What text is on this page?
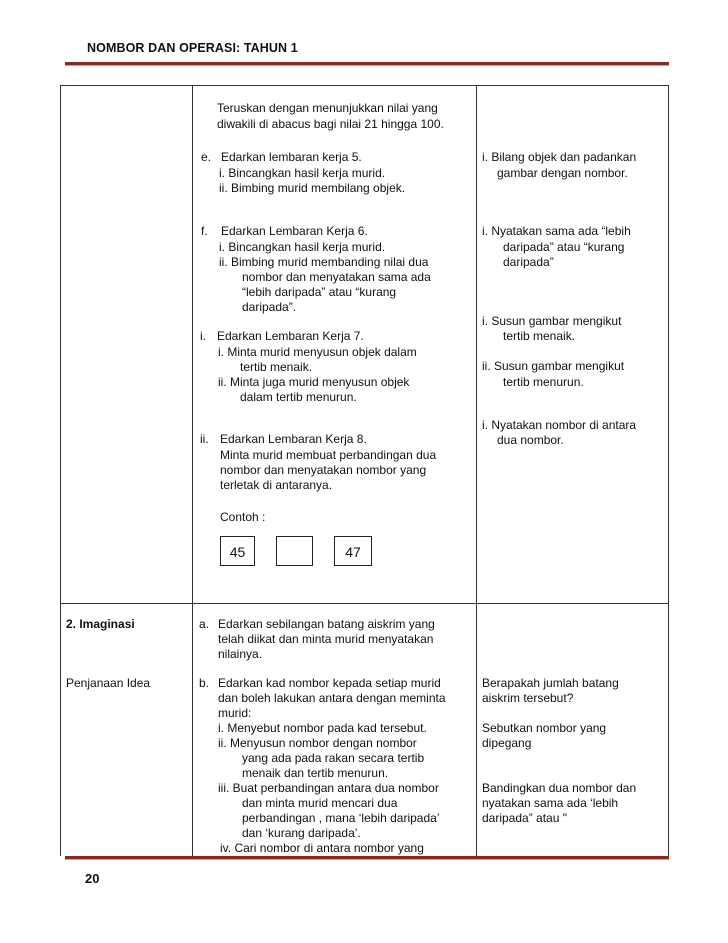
NOMBOR DAN OPERASI: TAHUN 1
Teruskan dengan menunjukkan nilai yang
diwakili di abacus bagi nilai 21 hingga 100.
e. Edarkan lembaran kerja 5.
i. Bincangkan hasil kerja murid.
ii. Bimbing murid membilang objek.
f. Edarkan Lembaran Kerja 6.
i. Bincangkan hasil kerja murid.
ii. Bimbing murid membanding nilai dua
nombor dan menyatakan sama ada
“lebih daripada” atau “kurang
daripada”.
i. Edarkan Lembaran Kerja 7.
i. Minta murid menyusun objek dalam
tertib menaik.
ii. Minta juga murid menyusun objek
dalam tertib menurun.
ii. Edarkan Lembaran Kerja 8.
Minta murid membuat perbandingan dua
nombor dan menyatakan nombor yang
terletak di antaranya.
Contoh :
45	47
i. Bilang objek dan padankan
gambar dengan nombor.
i. Nyatakan sama ada “lebih
daripada” atau “kurang
daripada”
i. Susun gambar mengikut
tertib menaik.
ii. Susun gambar mengikut
tertib menurun.
i. Nyatakan nombor di antara
dua nombor.
2. Imaginasi
Penjanaan Idea
a. Edarkan sebilangan batang aiskrim yang
telah diikat dan minta murid menyatakan
nilainya.
b. Edarkan kad nombor kepada setiap murid
dan boleh lakukan antara dengan meminta
murid:
i. Menyebut nombor pada kad tersebut.
ii. Menyusun nombor dengan nombor
yang ada pada rakan secara tertib
menaik dan tertib menurun.
iii. Buat perbandingan antara dua nombor
dan minta murid mencari dua
perbandingan , mana ‘lebih daripada’
dan ‘kurang daripada’.
iv. Cari nombor di antara nombor yang
Berapakah jumlah batang
aiskrim tersebut?
Sebutkan nombor yang
dipegang
Bandingkan dua nombor dan
nyatakan sama ada ‘lebih
daripada” atau "
20
